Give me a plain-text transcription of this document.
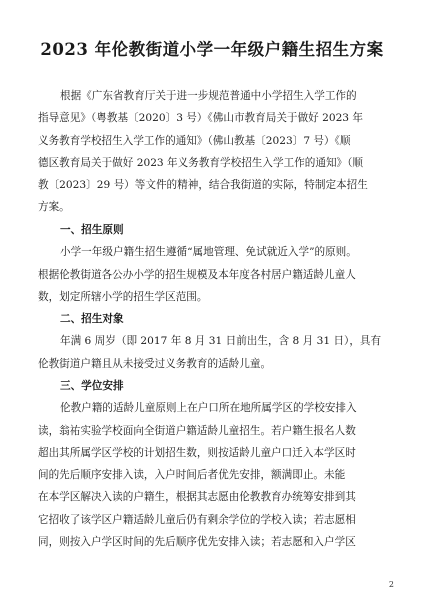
2023 年伦教街道小学一年级户籍生招生方案
根据《广东省教育厅关于进一步规范普通中小学招生入学工作的
指导意见》（粤教基〔2020〕3 号）《佛山市教育局关于做好 2023 年
义务教育学校招生入学工作的通知》（佛山教基〔2023〕7 号）《顺
德区教育局关于做好 2023 年义务教育学校招生入学工作的通知》（顺
教〔2023〕29 号）等文件的精神，结合我街道的实际，特制定本招生
方案。
一、招生原则
小学一年级户籍生招生遵循“属地管理、免试就近入学”的原则。
根据伦教街道各公办小学的招生规模及本年度各村居户籍适龄儿童人
数，划定所辖小学的招生学区范围。
二、招生对象
年满 6 周岁（即 2017 年 8 月 31 日前出生，含 8 月 31 日），具有
伦教街道户籍且从未接受过义务教育的适龄儿童。
三、学位安排
伦教户籍的适龄儿童原则上在户口所在地所属学区的学校安排入
读，翁祐实验学校面向全街道户籍适龄儿童招生。若户籍生报名人数
超出其所属学区学校的计划招生数，则按适龄儿童户口迁入本学区时
间的先后顺序安排入读，入户时间后者优先安排，额满即止。未能
在本学区解决入读的户籍生，根据其志愿由伦教教育办统筹安排到其
它招收了该学区户籍适龄儿童后仍有剩余学位的学校入读；若志愿相
同，则按入户学区时间的先后顺序优先安排入读；若志愿和入户学区
2
